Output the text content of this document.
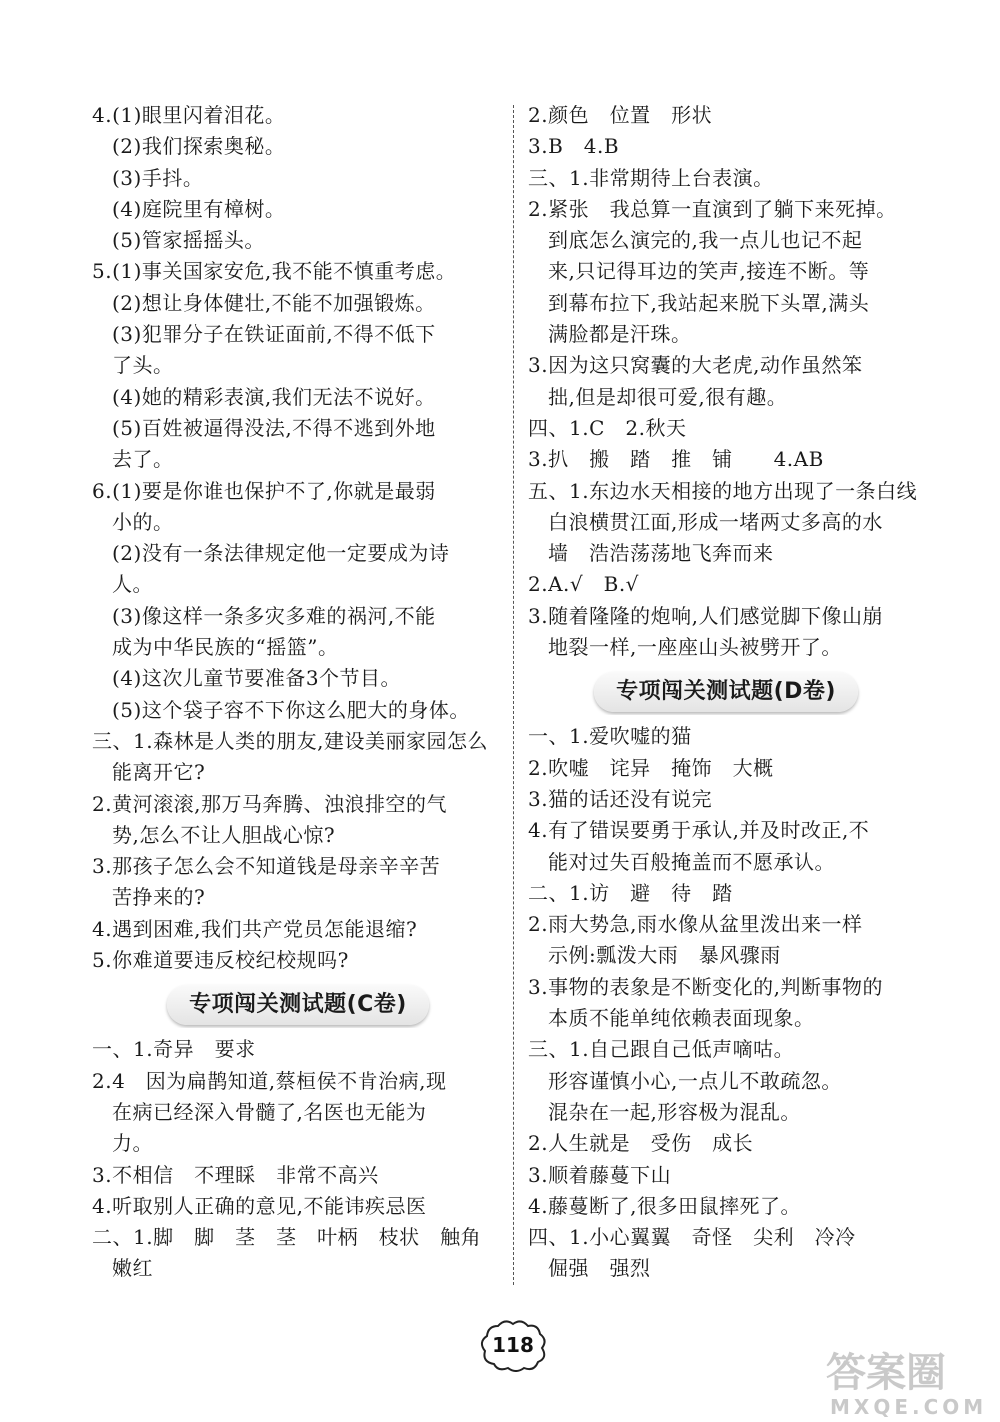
4.(1)眼里闪着泪花。
(2)我们探索奥秘。
(3)手抖。
(4)庭院里有樟树。
(5)管家摇摇头。
5.(1)事关国家安危,我不能不慎重考虑。
(2)想让身体健壮,不能不加强锻炼。
(3)犯罪分子在铁证面前,不得不低下
了头。
(4)她的精彩表演,我们无法不说好。
(5)百姓被逼得没法,不得不逃到外地
去了。
6.(1)要是你谁也保护不了,你就是最弱
小的。
(2)没有一条法律规定他一定要成为诗
人。
(3)像这样一条多灾多难的祸河,不能
成为中华民族的“摇篮”。
(4)这次儿童节要准备3个节目。
(5)这个袋子容不下你这么肥大的身体。
三、1.森林是人类的朋友,建设美丽家园怎么
能离开它?
2.黄河滚滚,那万马奔腾、浊浪排空的气
势,怎么不让人胆战心惊?
3.那孩子怎么会不知道钱是母亲辛辛苦
苦挣来的?
4.遇到困难,我们共产党员怎能退缩?
5.你难道要违反校纪校规吗?
专项闯关测试题(C卷)
一、1.奇异　要求
2.4　因为扁鹊知道,蔡桓侯不肯治病,现
在病已经深入骨髓了,名医也无能为
力。
3.不相信　不理睬　非常不高兴
4.听取别人正确的意见,不能讳疾忌医
二、1.脚　脚　茎　茎　叶柄　枝状　触角
嫩红
2.颜色　位置　形状
3.B　4.B
三、1.非常期待上台表演。
2.紧张　我总算一直演到了躺下来死掉。
到底怎么演完的,我一点儿也记不起
来,只记得耳边的笑声,接连不断。等
到幕布拉下,我站起来脱下头罩,满头
满脸都是汗珠。
3.因为这只窝囊的大老虎,动作虽然笨
拙,但是却很可爱,很有趣。
四、1.C　2.秋天
3.扒　搬　踏　推　铺　　4.AB
五、1.东边水天相接的地方出现了一条白线
白浪横贯江面,形成一堵两丈多高的水
墙　浩浩荡荡地飞奔而来
2.A.√　B.√
3.随着隆隆的炮响,人们感觉脚下像山崩
地裂一样,一座座山头被劈开了。
专项闯关测试题(D卷)
一、1.爱吹嘘的猫
2.吹嘘　诧异　掩饰　大概
3.猫的话还没有说完
4.有了错误要勇于承认,并及时改正,不
能对过失百般掩盖而不愿承认。
二、1.访　避　待　踏
2.雨大势急,雨水像从盆里泼出来一样
示例:瓢泼大雨　暴风骤雨
3.事物的表象是不断变化的,判断事物的
本质不能单纯依赖表面现象。
三、1.自己跟自己低声嘀咕。
形容谨慎小心,一点儿不敢疏忽。
混杂在一起,形容极为混乱。
2.人生就是　受伤　成长
3.顺着藤蔓下山
4.藤蔓断了,很多田鼠摔死了。
四、1.小心翼翼　奇怪　尖利　冷冷
倔强　强烈
118
答案圈
MXQE.COM
